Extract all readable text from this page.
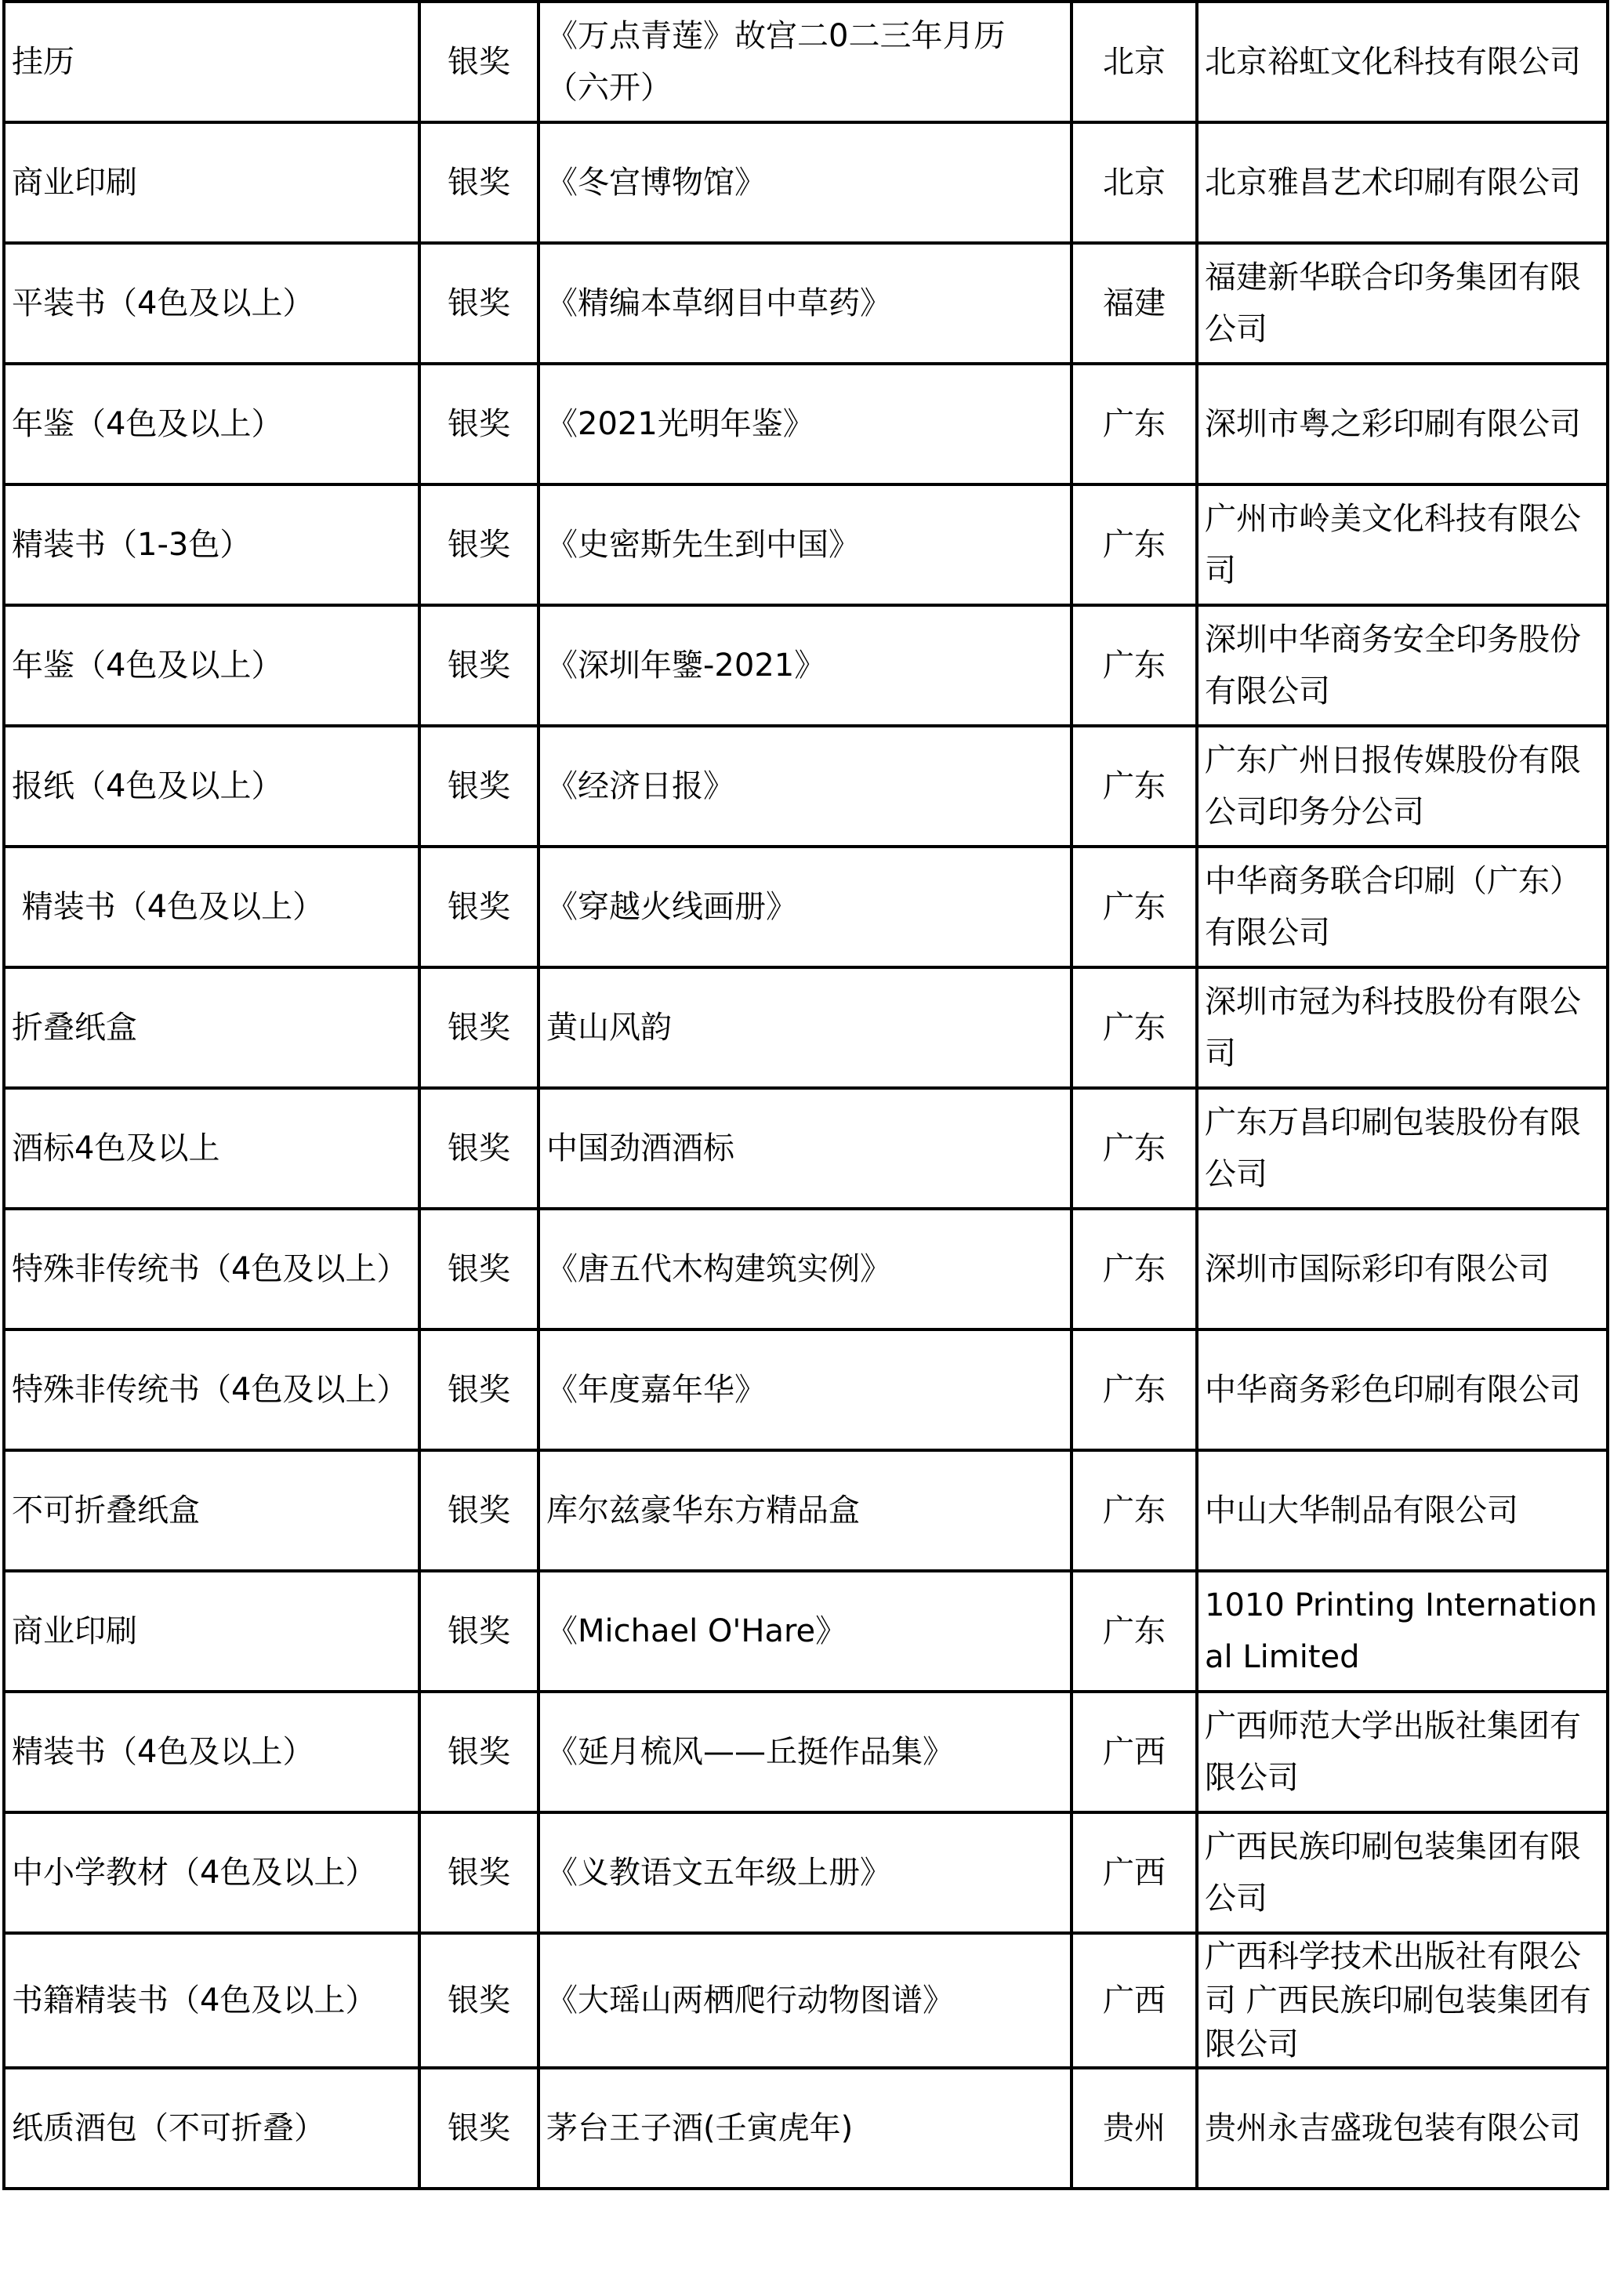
挂历	银奖	《万点青莲》故宫二0二三年月历（六开）	北京	北京裕虹文化科技有限公司
商业印刷	银奖	《冬宫博物馆》	北京	北京雅昌艺术印刷有限公司
平装书（4色及以上）	银奖	《精编本草纲目中草药》	福建	福建新华联合印务集团有限公司
年鉴（4色及以上）	银奖	《2021光明年鉴》	广东	深圳市粤之彩印刷有限公司
精装书（1-3色）	银奖	《史密斯先生到中国》	广东	广州市岭美文化科技有限公司
年鉴（4色及以上）	银奖	《深圳年鑒-2021》	广东	深圳中华商务安全印务股份有限公司
报纸（4色及以上）	银奖	《经济日报》	广东	广东广州日报传媒股份有限公司印务分公司
精装书（4色及以上）	银奖	《穿越火线画册》	广东	中华商务联合印刷（广东）有限公司
折叠纸盒	银奖	黄山风韵	广东	深圳市冠为科技股份有限公司
酒标4色及以上	银奖	中国劲酒酒标	广东	广东万昌印刷包装股份有限公司
特殊非传统书（4色及以上）	银奖	《唐五代木构建筑实例》	广东	深圳市国际彩印有限公司
特殊非传统书（4色及以上）	银奖	《年度嘉年华》	广东	中华商务彩色印刷有限公司
不可折叠纸盒	银奖	库尔兹豪华东方精品盒	广东	中山大华制品有限公司
商业印刷	银奖	《Michael O'Hare》	广东	1010 Printing International Limited
精装书（4色及以上）	银奖	《延月梳风——丘挺作品集》	广西	广西师范大学出版社集团有限公司
中小学教材（4色及以上）	银奖	《义教语文五年级上册》	广西	广西民族印刷包装集团有限公司
书籍精装书（4色及以上）	银奖	《大瑶山两栖爬行动物图谱》	广西	广西科学技术出版社有限公司 广西民族印刷包装集团有限公司
纸质酒包（不可折叠）	银奖	茅台王子酒(壬寅虎年)	贵州	贵州永吉盛珑包装有限公司
